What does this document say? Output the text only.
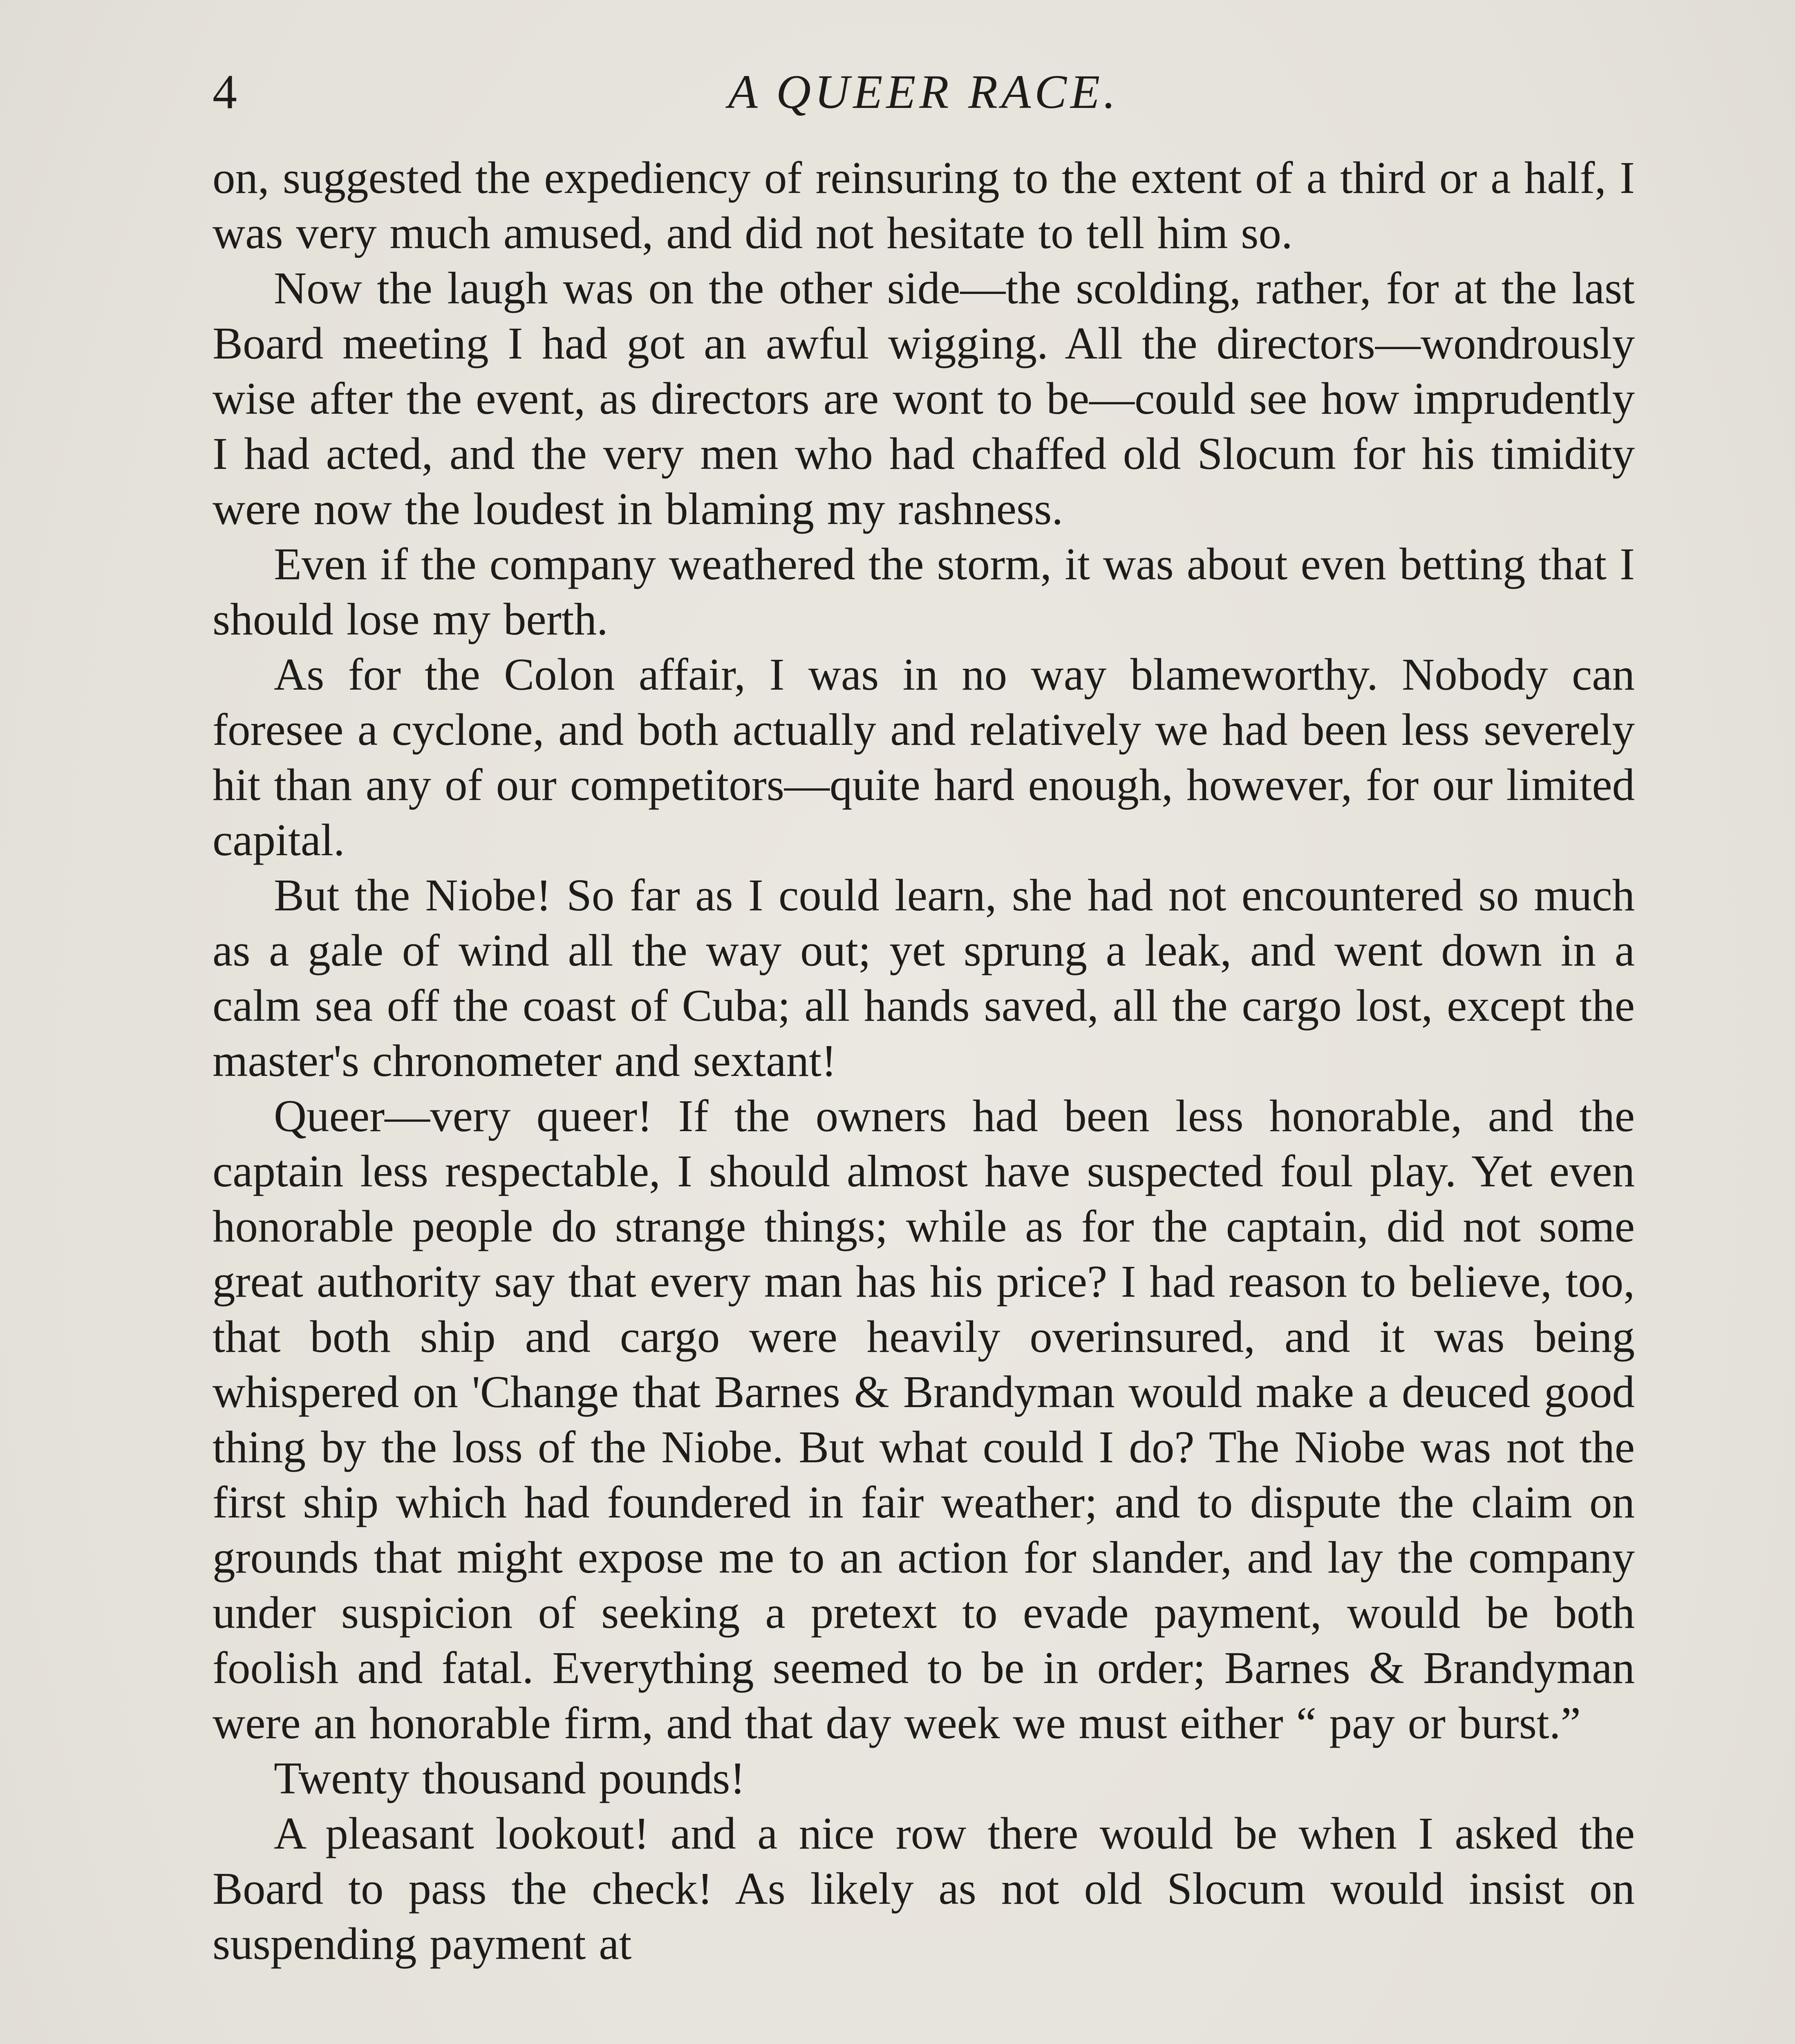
4	A QUEER RACE.

on, suggested the expediency of reinsuring to the extent of a third or a half, I was very much amused, and did not hesitate to tell him so.

Now the laugh was on the other side—the scolding, rather, for at the last Board meeting I had got an awful wigging. All the directors—wondrously wise after the event, as directors are wont to be—could see how imprudently I had acted, and the very men who had chaffed old Slocum for his timidity were now the loudest in blaming my rashness.

Even if the company weathered the storm, it was about even betting that I should lose my berth.

As for the Colon affair, I was in no way blameworthy. Nobody can foresee a cyclone, and both actually and relatively we had been less severely hit than any of our competitors—quite hard enough, however, for our limited capital.

But the Niobe! So far as I could learn, she had not encountered so much as a gale of wind all the way out; yet sprung a leak, and went down in a calm sea off the coast of Cuba; all hands saved, all the cargo lost, except the master's chronometer and sextant!

Queer—very queer! If the owners had been less honorable, and the captain less respectable, I should almost have suspected foul play. Yet even honorable people do strange things; while as for the captain, did not some great authority say that every man has his price? I had reason to believe, too, that both ship and cargo were heavily overinsured, and it was being whispered on 'Change that Barnes & Brandyman would make a deuced good thing by the loss of the Niobe. But what could I do? The Niobe was not the first ship which had foundered in fair weather; and to dispute the claim on grounds that might expose me to an action for slander, and lay the company under suspicion of seeking a pretext to evade payment, would be both foolish and fatal. Everything seemed to be in order; Barnes & Brandyman were an honorable firm, and that day week we must either “ pay or burst.”

Twenty thousand pounds!

A pleasant lookout! and a nice row there would be when I asked the Board to pass the check! As likely as not old Slocum would insist on suspending payment at
